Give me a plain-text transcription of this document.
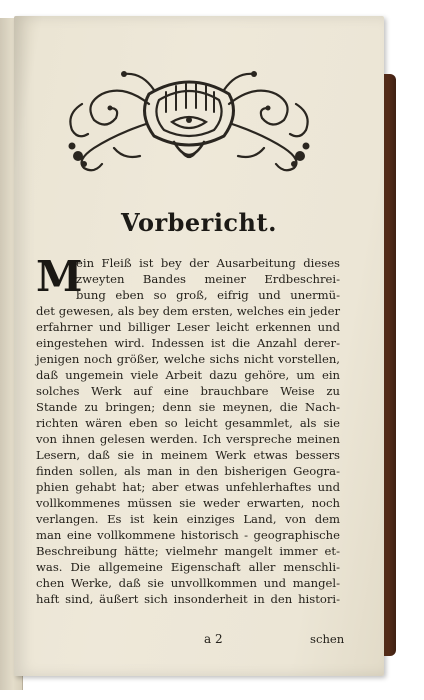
Vorbericht.
M
ein Fleiß ist bey der Ausarbeitung dieses
zweyten Bandes meiner Erdbeschrei-
bung eben so groß, eifrig und unermü-
det gewesen, als bey dem ersten, welches ein jeder
erfahrner und billiger Leser leicht erkennen und
eingestehen wird. Indessen ist die Anzahl derer-
jenigen noch größer, welche sichs nicht vorstellen,
daß ungemein viele Arbeit dazu gehöre, um ein
solches Werk auf eine brauchbare Weise zu
Stande zu bringen; denn sie meynen, die Nach-
richten wären eben so leicht gesammlet, als sie
von ihnen gelesen werden. Ich verspreche meinen
Lesern, daß sie in meinem Werk etwas bessers
finden sollen, als man in den bisherigen Geogra-
phien gehabt hat; aber etwas unfehlerhaftes und
vollkommenes müssen sie weder erwarten, noch
verlangen. Es ist kein einziges Land, von dem
man eine vollkommene historisch - geographische
Beschreibung hätte; vielmehr mangelt immer et-
was. Die allgemeine Eigenschaft aller menschli-
chen Werke, daß sie unvollkommen und mangel-
haft sind, äußert sich insonderheit in den histori-
a 2	schen
